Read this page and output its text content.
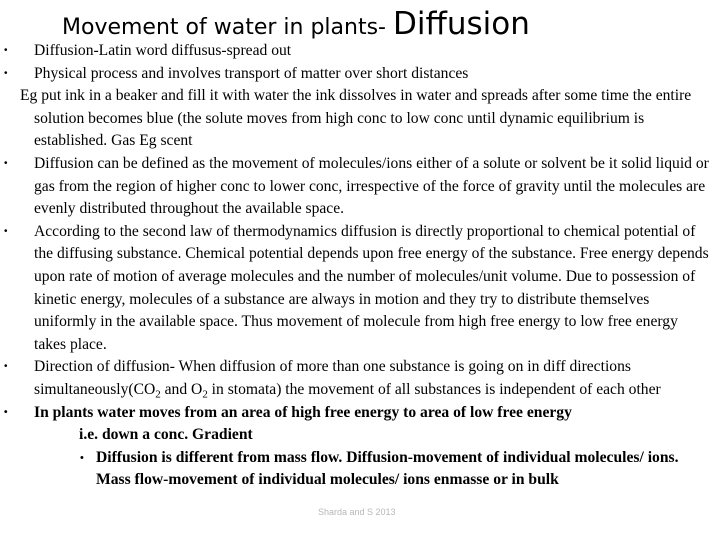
Movement of water in plants- Diffusion
• Diffusion-Latin word diffusus-spread out
• Physical process and involves transport of matter over short distances
Eg put ink in a beaker and fill it with water the ink dissolves in water and spreads after some time the entire solution becomes blue (the solute moves from high conc to low conc until dynamic equilibrium is established. Gas Eg scent
• Diffusion can be defined as the movement of molecules/ions either of a solute or solvent be it solid liquid or gas from the region of higher conc to lower conc, irrespective of the force of gravity until the molecules are evenly distributed throughout the available space.
• According to the second law of thermodynamics diffusion is directly proportional to chemical potential of the diffusing substance. Chemical potential depends upon free energy of the substance. Free energy depends upon rate of motion of average molecules and the number of molecules/unit volume. Due to possession of kinetic energy, molecules of a substance are always in motion and they try to distribute themselves uniformly in the available space. Thus movement of molecule from high free energy to low free energy takes place.
• Direction of diffusion- When diffusion of more than one substance is going on in diff directions $simultaneously(CO_2$ and $O_2$ in stomata) the movement of all substances is independent of each other
• In plants water moves from an area of high free energy to area of low free energy
i.e. down a conc. Gradient
• Diffusion is different from mass flow. Diffusion-movement of individual molecules/ ions. Mass flow-movement of individual molecules/ ions enmasse or in bulk
Sharda and S 2013
